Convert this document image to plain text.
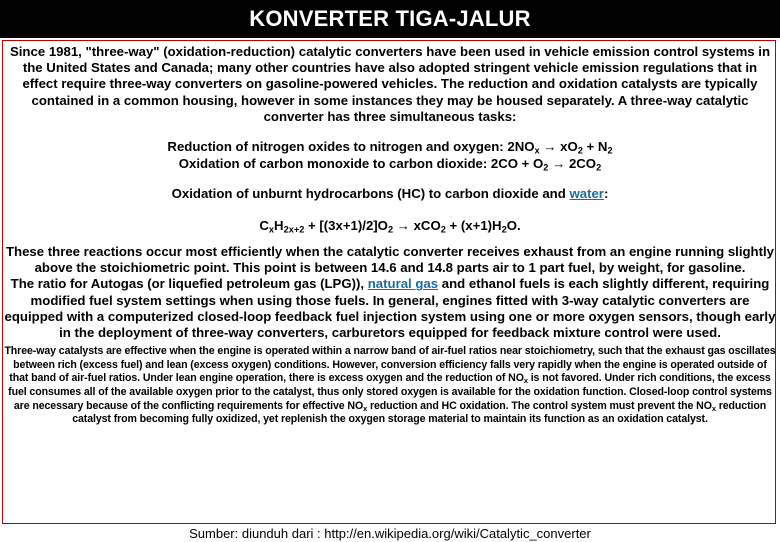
KONVERTER TIGA-JALUR

Since 1981, "three-way" (oxidation-reduction) catalytic converters have been used in vehicle emission control systems in the United States and Canada; many other countries have also adopted stringent vehicle emission regulations that in effect require three-way converters on gasoline-powered vehicles. The reduction and oxidation catalysts are typically contained in a common housing, however in some instances they may be housed separately. A three-way catalytic converter has three simultaneous tasks:

Reduction of nitrogen oxides to nitrogen and oxygen: $2NO_x \to xO_2 + N_2$

Oxidation of carbon monoxide to carbon dioxide: $2CO + O_2 \to 2CO_2$

Oxidation of unburnt hydrocarbons (HC) to carbon dioxide and water:

$C_xH_{2x+2} + [(3x+1)/2]O_2 \to xCO_2 + (x+1)H_2O$.

These three reactions occur most efficiently when the catalytic converter receives exhaust from an engine running slightly above the stoichiometric point. This point is between 14.6 and 14.8 parts air to 1 part fuel, by weight, for gasoline.
The ratio for Autogas (or liquefied petroleum gas (LPG)), natural gas and ethanol fuels is each slightly different, requiring modified fuel system settings when using those fuels. In general, engines fitted with 3-way catalytic converters are equipped with a computerized closed-loop feedback fuel injection system using one or more oxygen sensors, though early in the deployment of three-way converters, carburetors equipped for feedback mixture control were used.

Three-way catalysts are effective when the engine is operated within a narrow band of air-fuel ratios near stoichiometry, such that the exhaust gas oscillates between rich (excess fuel) and lean (excess oxygen) conditions. However, conversion efficiency falls very rapidly when the engine is operated outside of that band of air-fuel ratios. Under lean engine operation, there is excess oxygen and the reduction of $NO_x$ is not favored. Under rich conditions, the excess fuel consumes all of the available oxygen prior to the catalyst, thus only stored oxygen is available for the oxidation function. Closed-loop control systems are necessary because of the conflicting requirements for effective $NO_x$ reduction and HC oxidation. The control system must prevent the $NO_x$ reduction catalyst from becoming fully oxidized, yet replenish the oxygen storage material to maintain its function as an oxidation catalyst.

Sumber: diunduh dari : http://en.wikipedia.org/wiki/Catalytic_converter
